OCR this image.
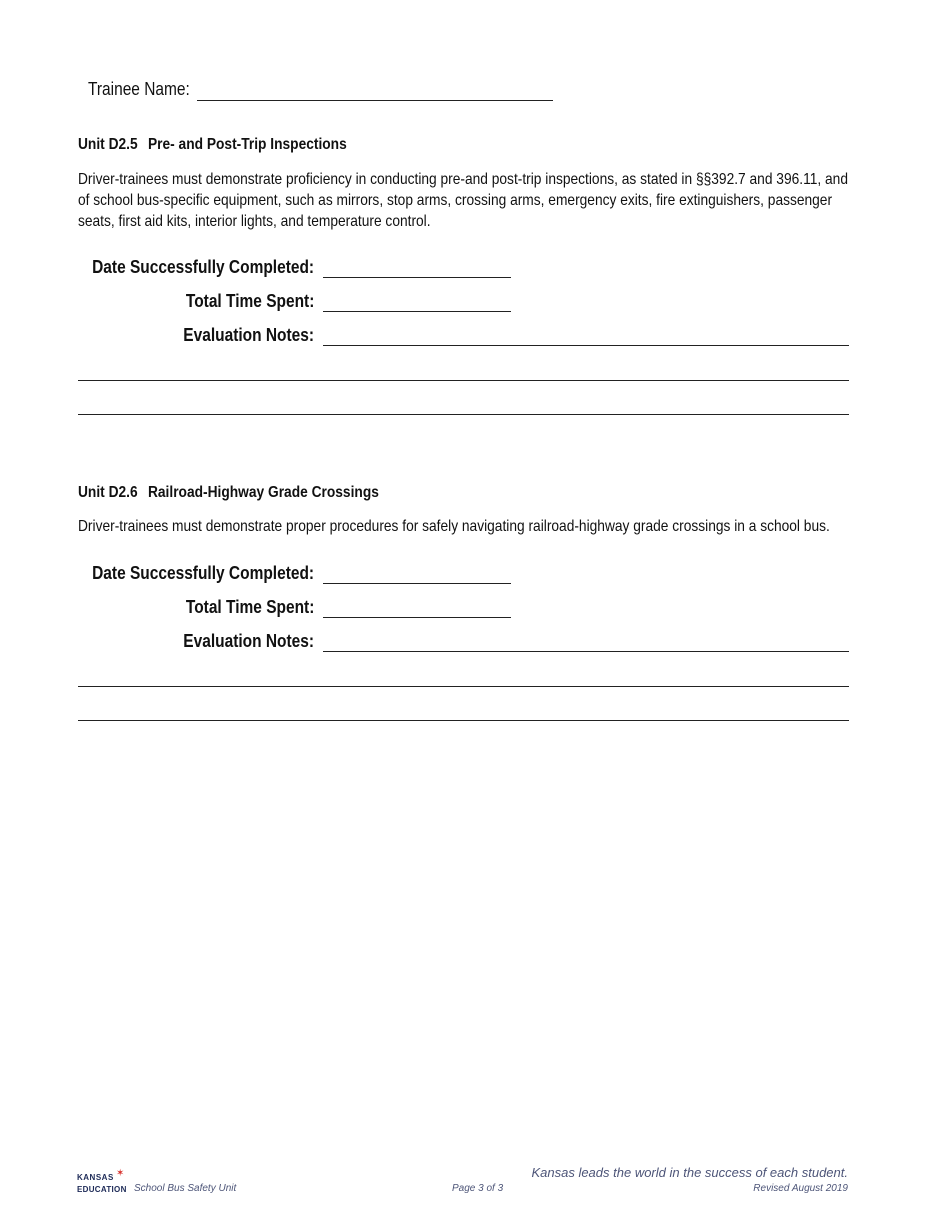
Trainee Name:
Unit D2.5 Pre- and Post-Trip Inspections
Driver-trainees must demonstrate proficiency in conducting pre-and post-trip inspections, as stated in §§392.7 and 396.11, and of school bus-specific equipment, such as mirrors, stop arms, crossing arms, emergency exits, fire extinguishers, passenger seats, first aid kits, interior lights, and temperature control.
Date Successfully Completed:
Total Time Spent:
Evaluation Notes:
Unit D2.6 Railroad-Highway Grade Crossings
Driver-trainees must demonstrate proper procedures for safely navigating railroad-highway grade crossings in a school bus.
Date Successfully Completed:
Total Time Spent:
Evaluation Notes:
KANSAS ✶
EDUCATION School Bus Safety Unit	Page 3 of 3
Kansas leads the world in the success of each student.
Revised August 2019
